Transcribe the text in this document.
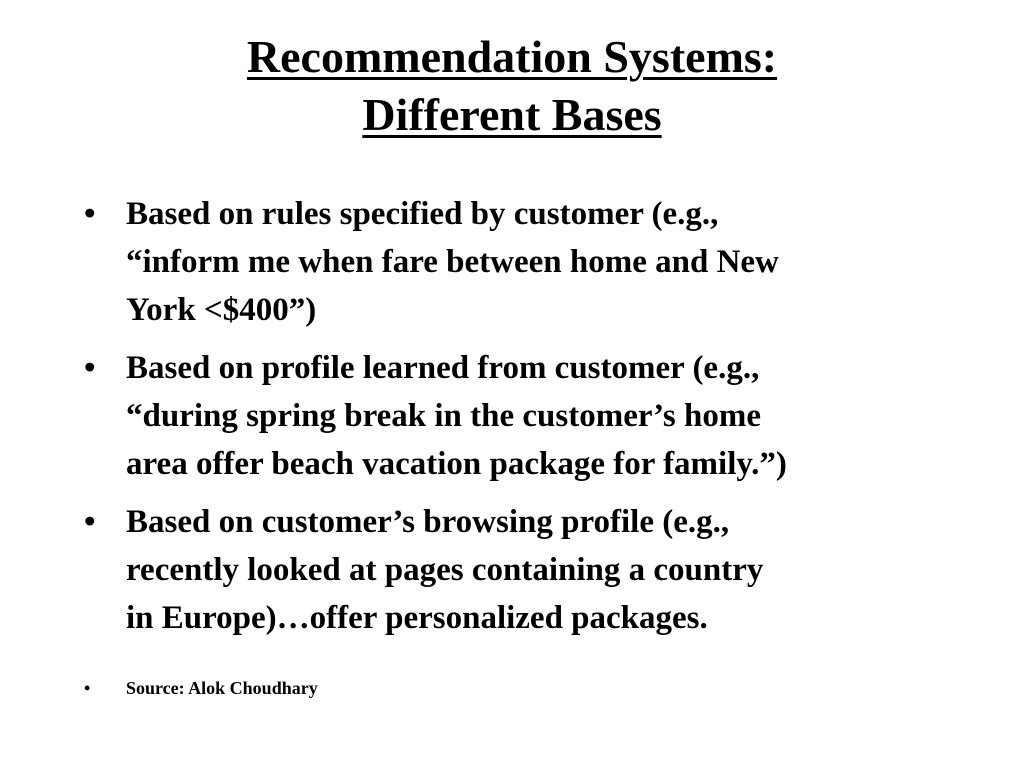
Recommendation Systems:
Different Bases
• Based on rules specified by customer (e.g.,
“inform me when fare between home and New
York <$400”)
• Based on profile learned from customer (e.g.,
“during spring break in the customer’s home
area offer beach vacation package for family.”)
• Based on customer’s browsing profile (e.g.,
recently looked at pages containing a country
in Europe)…offer personalized packages.
• Source: Alok Choudhary
